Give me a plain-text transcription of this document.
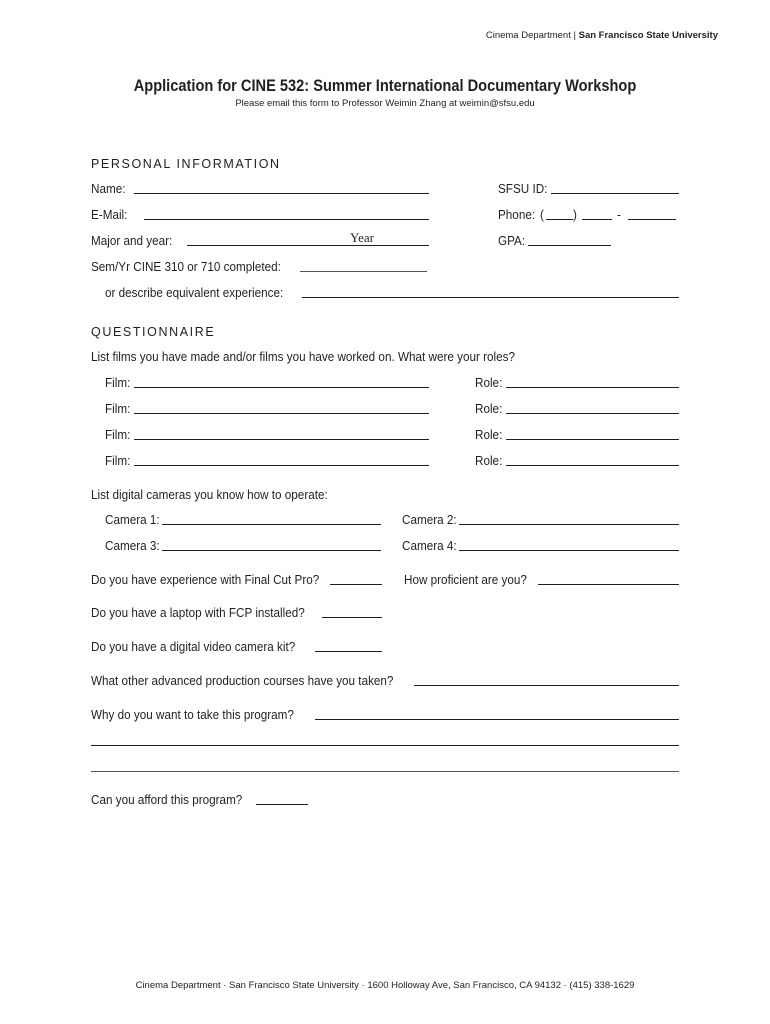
Cinema Department | San Francisco State University
Application for CINE 532: Summer International Documentary Workshop
Please email this form to Professor Weimin Zhang at weimin@sfsu.edu
PERSONAL INFORMATION
Name:	SFSU ID:
E-Mail:	Phone: ( )	-
Major and year:	Year	GPA:
Sem/Yr CINE 310 or 710 completed:
or describe equivalent experience:
QUESTIONNAIRE
List films you have made and/or films you have worked on. What were your roles?
Film:	Role:
Film:	Role:
Film:	Role:
Film:	Role:
List digital cameras you know how to operate:
Camera 1:	Camera 2:
Camera 3:	Camera 4:
Do you have experience with Final Cut Pro?	How proficient are you?
Do you have a laptop with FCP installed?
Do you have a digital video camera kit?
What other advanced production courses have you taken?
Why do you want to take this program?
Can you afford this program?
Cinema Department · San Francisco State University · 1600 Holloway Ave, San Francisco, CA 94132 · (415) 338-1629
